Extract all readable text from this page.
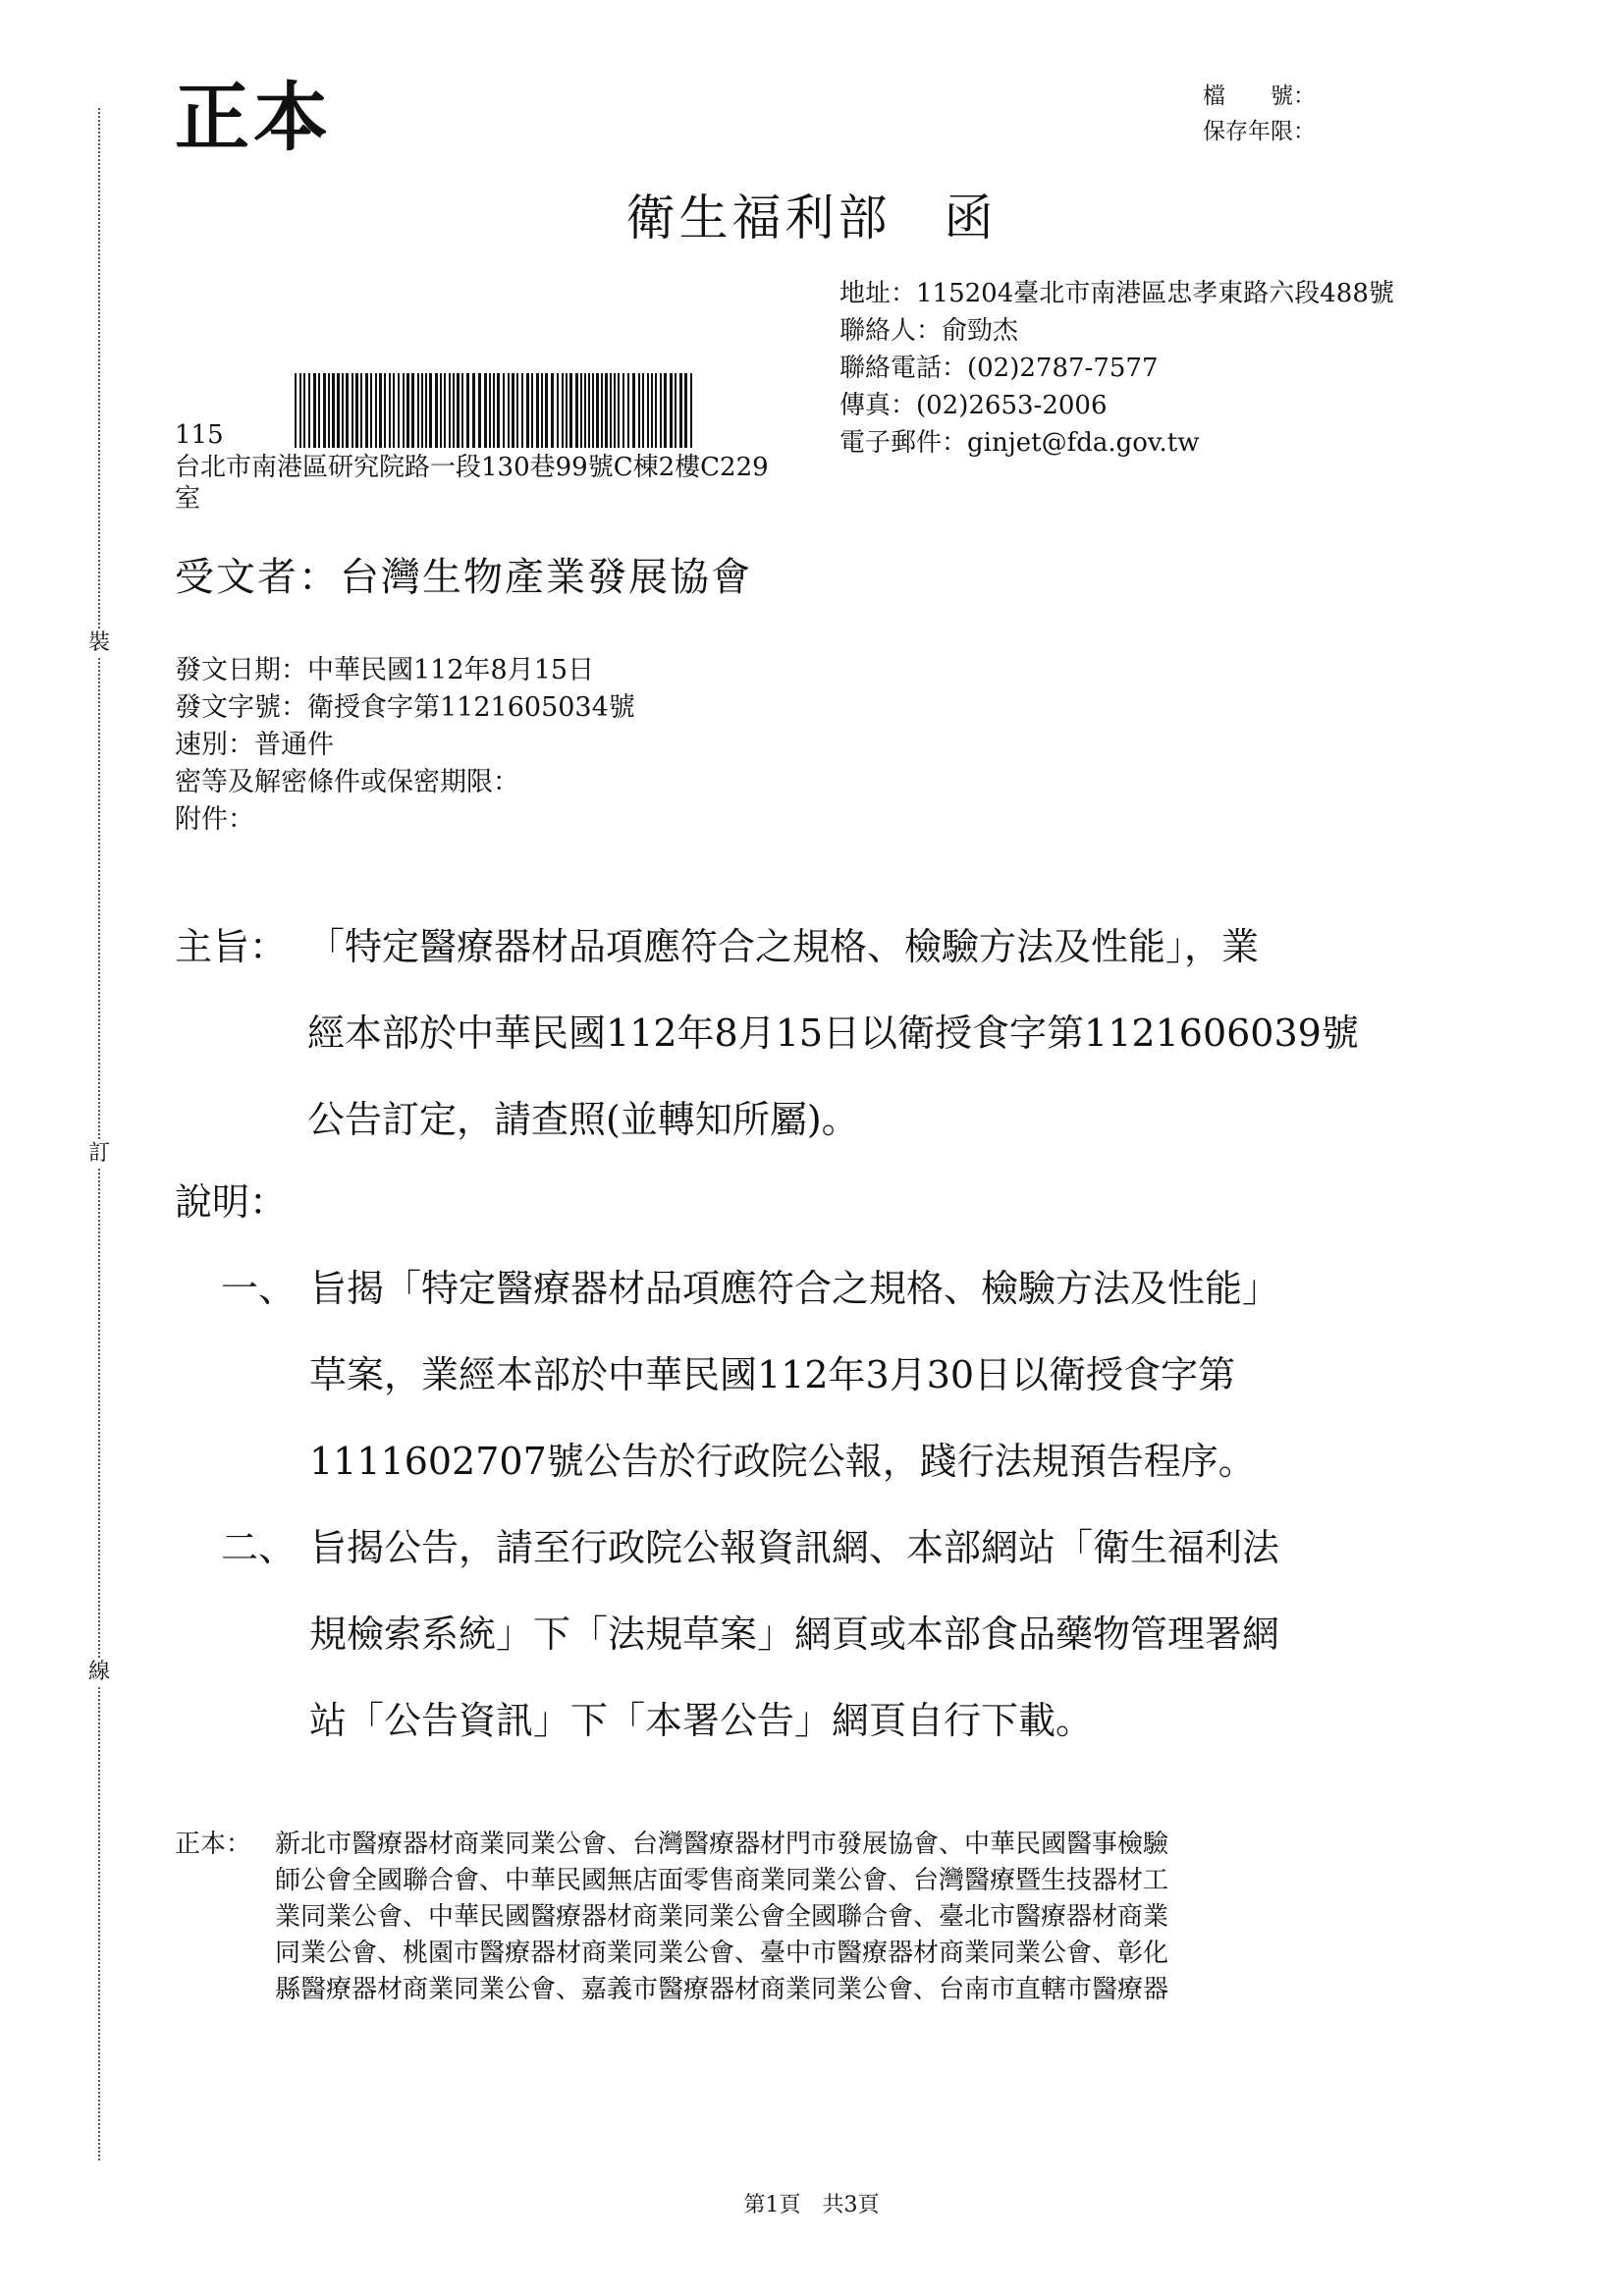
裝
訂
線
正本	檔　　號：
保存年限：
衛生福利部　函
地址：115204臺北市南港區忠孝東路六段488號
聯絡人：俞勁杰
聯絡電話：(02)2787-7577
傳真：(02)2653-2006
電子郵件：ginjet@fda.gov.tw
115
台北市南港區研究院路一段130巷99號C棟2樓C229
室
受文者：台灣生物產業發展協會
發文日期：中華民國112年8月15日
發文字號：衛授食字第1121605034號
速別：普通件
密等及解密條件或保密期限：
附件：
主旨： 「特定醫療器材品項應符合之規格、檢驗方法及性能」，業
經本部於中華民國112年8月15日以衛授食字第1121606039號
公告訂定，請查照(並轉知所屬)。
說明：
一、 旨揭「特定醫療器材品項應符合之規格、檢驗方法及性能」
草案，業經本部於中華民國112年3月30日以衛授食字第
1111602707號公告於行政院公報，踐行法規預告程序。
二、 旨揭公告，請至行政院公報資訊網、本部網站「衛生福利法
規檢索系統」下「法規草案」網頁或本部食品藥物管理署網
站「公告資訊」下「本署公告」網頁自行下載。
正本： 新北市醫療器材商業同業公會、台灣醫療器材門市發展協會、中華民國醫事檢驗
師公會全國聯合會、中華民國無店面零售商業同業公會、台灣醫療暨生技器材工
業同業公會、中華民國醫療器材商業同業公會全國聯合會、臺北市醫療器材商業
同業公會、桃園市醫療器材商業同業公會、臺中市醫療器材商業同業公會、彰化
縣醫療器材商業同業公會、嘉義市醫療器材商業同業公會、台南市直轄市醫療器
第1頁　共3頁
